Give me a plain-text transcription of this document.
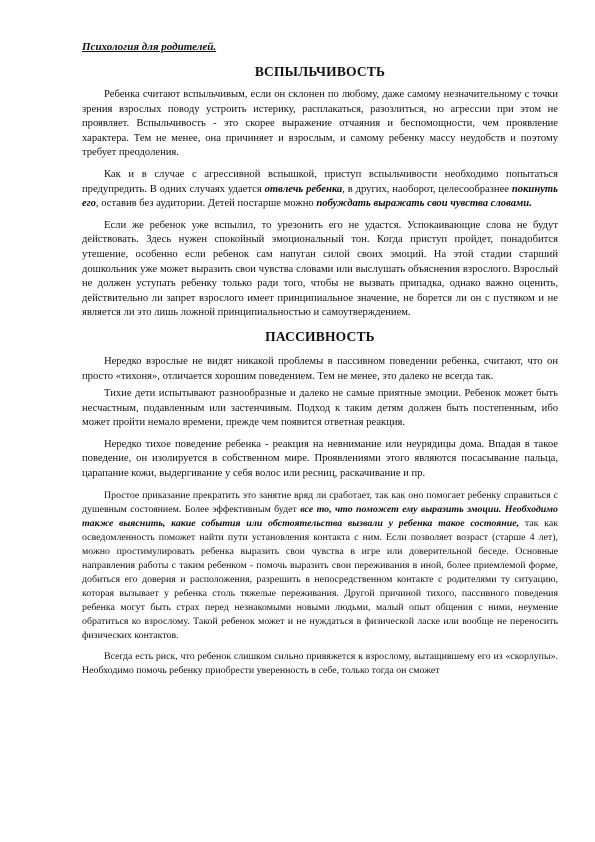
Психология для родителей.
ВСПЫЛЬЧИВОСТЬ

Ребенка считают вспыльчивым, если он склонен по любому, даже самому незначительному с точки зрения взрослых поводу устроить истерику, расплакаться, разозлиться, но агрессии при этом не проявляет. Вспыльчивость - это скорее выражение отчаяния и беспомощности, чем проявление характера. Тем не менее, она причиняет и взрослым, и самому ребенку массу неудобств и поэтому требует преодоления.

Как и в случае с агрессивной вспышкой, приступ вспыльчивости необходимо попытаться предупредить. В одних случаях удается отвлечь ребенка, в других, наоборот, целесообразнее покинуть его, оставив без аудитории. Детей постарше можно побуждать выражать свои чувства словами.

Если же ребенок уже вспылил, то урезонить его не удастся. Успокаивающие слова не будут действовать. Здесь нужен спокойный эмоциональный тон. Когда приступ пройдет, понадобится утешение, особенно если ребенок сам напуган силой своих эмоций. На этой стадии старший дошкольник уже может выразить свои чувства словами или выслушать объяснения взрослого. Взрослый не должен уступать ребенку только ради того, чтобы не вызвать припадка, однако важно оценить, действительно ли запрет взрослого имеет принципиальное значение, не борется ли он с пустяком и не является ли это лишь ложной принципиальностью и самоутверждением.

ПАССИВНОСТЬ

Нередко взрослые не видят никакой проблемы в пассивном поведении ребенка, считают, что он просто «тихоня», отличается хорошим поведением. Тем не менее, это далеко не всегда так.

Тихие дети испытывают разнообразные и далеко не самые приятные эмоции. Ребенок может быть несчастным, подавленным или застенчивым. Подход к таким детям должен быть постепенным, ибо может пройти немало времени, прежде чем появится ответная реакция.

Нередко тихое поведение ребенка - реакция на невнимание или неурядицы дома. Впадая в такое поведение, он изолируется в собственном мире. Проявлениями этого являются посасывание пальца, царапание кожи, выдергивание у себя волос или ресниц, раскачивание и пр.

Простое приказание прекратить это занятие вряд ли сработает, так как оно помогает ребенку справиться с душевным состоянием. Более эффективным будет все то, что поможет ему выразить эмоции. Необходимо также выяснить, какие события или обстоятельства вызвали у ребенка такое состояние, так как осведомленность поможет найти пути установления контакта с ним. Если позволяет возраст (старше 4 лет), можно простимулировать ребенка выразить свои чувства в игре или доверительной беседе. Основные направления работы с таким ребенком - помочь выразить свои переживания в иной, более приемлемой форме, добиться его доверия и расположения, разрешить в непосредственном контакте с родителями ту ситуацию, которая вызывает у ребенка столь тяжелые переживания. Другой причиной тихого, пассивного поведения ребенка могут быть страх перед незнакомыми новыми людьми, малый опыт общения с ними, неумение обратиться ко взрослому. Такой ребенок может и не нуждаться в физической ласке или вообще не переносить физических контактов.

Всегда есть риск, что ребенок слишком сильно привяжется к взрослому, вытащившему его из «скорлупы». Необходимо помочь ребенку приобрести уверенность в себе, только тогда он сможет
